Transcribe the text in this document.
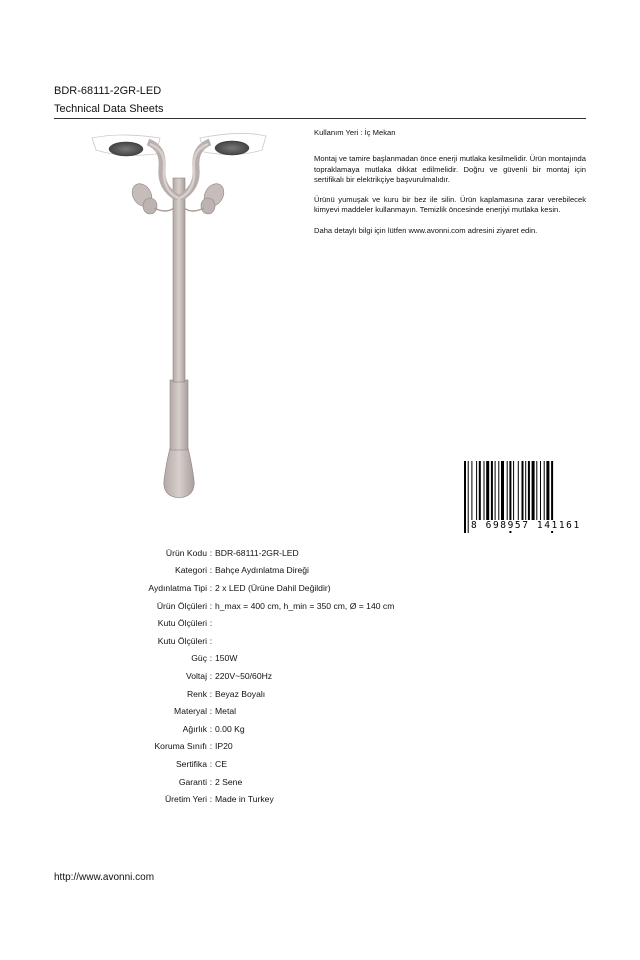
BDR-68111-2GR-LED
Technical Data Sheets

Kullanım Yeri : İç Mekan

Montaj ve tamire başlanmadan önce enerji mutlaka kesilmelidir. Ürün montajında topraklamaya mutlaka dikkat edilmelidir. Doğru ve güvenli bir montaj için sertifikalı bir elektrikçiye başvurulmalıdır.

Ürünü yumuşak ve kuru bir bez ile silin. Ürün kaplamasına zarar verebilecek kimyevi maddeler kullanmayın. Temizlik öncesinde enerjiyi mutlaka kesin.

Daha detaylı bilgi için lütfen www.avonni.com adresini ziyaret edin.

8 698957 141161
Ürün Kodu : BDR-68111-2GR-LED
Kategori : Bahçe Aydınlatma Direği
Aydınlatma Tipi : 2 x LED (Ürüne Dahil Değildir)
Ürün Ölçüleri : h_max = 400 cm, h_min = 350 cm, Ø = 140 cm
Kutu Ölçüleri :
Kutu Ölçüleri :
Güç : 150W
Voltaj : 220V~50/60Hz
Renk : Beyaz Boyalı
Materyal : Metal
Ağırlık : 0.00 Kg
Koruma Sınıfı : IP20
Sertifika : CE
Garanti : 2 Sene
Üretim Yeri : Made in Turkey
http://www.avonni.com
